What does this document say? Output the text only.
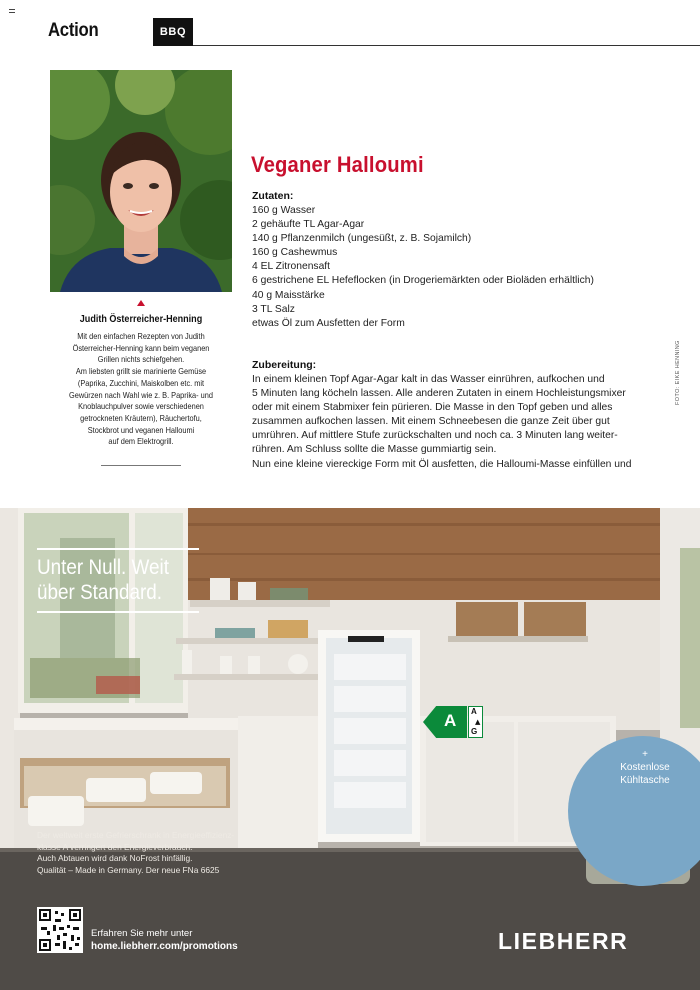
Action	BBQ
Judith Österreicher-Henning
Mit den einfachen Rezepten von Judith
Österreicher-Henning kann beim veganen
Grillen nichts schiefgehen.
Am liebsten grillt sie marinierte Gemüse
(Paprika, Zucchini, Maiskolben etc. mit
Gewürzen nach Wahl wie z. B. Paprika- und
Knoblauchpulver sowie verschiedenen
getrockneten Kräutern), Räuchertofu,
Stockbrot und veganen Halloumi
auf dem Elektrogrill.
Veganer Halloumi
Zutaten:
160 g Wasser
2 gehäufte TL Agar-Agar
140 g Pflanzenmilch (ungesüßt, z. B. Sojamilch)
160 g Cashewmus
4 EL Zitronensaft
6 gestrichene EL Hefeflocken (in Drogeriemärkten oder Bioläden erhältlich)
40 g Maisstärke
3 TL Salz
etwas Öl zum Ausfetten der Form
Zubereitung:
In einem kleinen Topf Agar-Agar kalt in das Wasser einrühren, aufkochen und
5 Minuten lang köcheln lassen. Alle anderen Zutaten in einem Hochleistungsmixer
oder mit einem Stabmixer fein pürieren. Die Masse in den Topf geben und alles
zusammen aufkochen lassen. Mit einem Schneebesen die ganze Zeit über gut
umrühren. Auf mittlere Stufe zurückschalten und noch ca. 3 Minuten lang weiter-
rühren. Am Schluss sollte die Masse gummiartig sein.
Nun eine kleine viereckige Form mit Öl ausfetten, die Halloumi-Masse einfüllen und
FOTO: EIKE HENNING
Unter Null. Weit
über Standard.
A A
▲
G
+
Kostenlose
Kühltasche
Der weltweit erste Gefrierschrank in Energieeffizienz-
klasse A verringert den Energieverbrauch.
Auch Abtauen wird dank NoFrost hinfällig.
Qualität – Made in Germany. Der neue FNa 6625
Erfahren Sie mehr unter
home.liebherr.com/promotions	LIEBHERR
